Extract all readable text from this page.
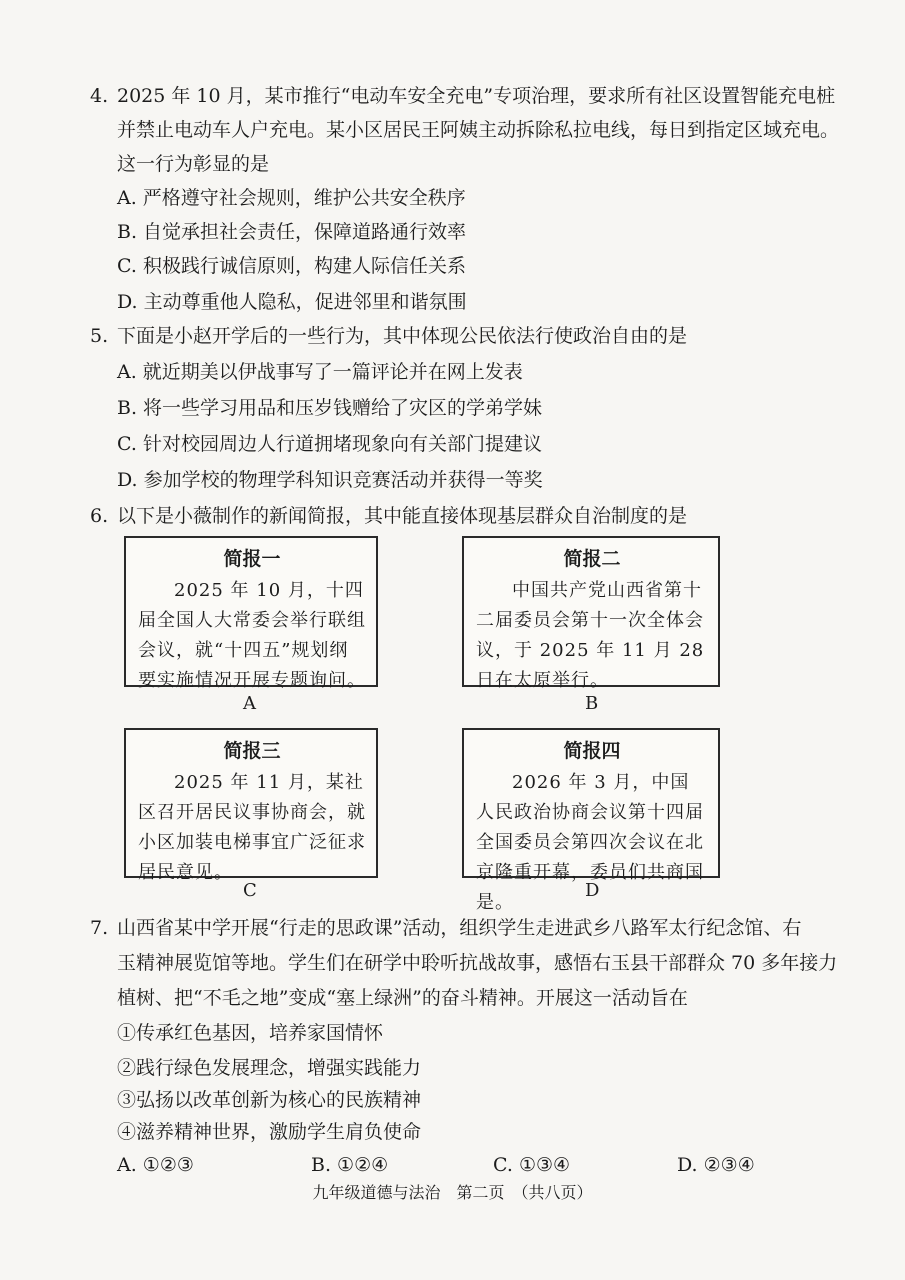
4. 2025 年 10 月，某市推行“电动车安全充电”专项治理，要求所有社区设置智能充电桩
并禁止电动车人户充电。某小区居民王阿姨主动拆除私拉电线，每日到指定区域充电。
这一行为彰显的是
A. 严格遵守社会规则，维护公共安全秩序
B. 自觉承担社会责任，保障道路通行效率
C. 积极践行诚信原则，构建人际信任关系
D. 主动尊重他人隐私，促进邻里和谐氛围
5. 下面是小赵开学后的一些行为，其中体现公民依法行使政治自由的是
A. 就近期美以伊战事写了一篇评论并在网上发表
B. 将一些学习用品和压岁钱赠给了灾区的学弟学妹
C. 针对校园周边人行道拥堵现象向有关部门提建议
D. 参加学校的物理学科知识竞赛活动并获得一等奖
6. 以下是小薇制作的新闻简报，其中能直接体现基层群众自治制度的是
简报一
2025 年 10 月，十四届全国人大常委会举行联组会议，就“十四五”规划纲要实施情况开展专题询问。
A
简报二
中国共产党山西省第十二届委员会第十一次全体会议，于 2025 年 11 月 28 日在太原举行。
B
简报三
2025 年 11 月，某社区召开居民议事协商会，就小区加装电梯事宜广泛征求居民意见。
C
简报四
2026 年 3 月，中国人民政治协商会议第十四届全国委员会第四次会议在北京隆重开幕，委员们共商国是。
D
7. 山西省某中学开展“行走的思政课”活动，组织学生走进武乡八路军太行纪念馆、右
玉精神展览馆等地。学生们在研学中聆听抗战故事，感悟右玉县干部群众 70 多年接力
植树、把“不毛之地”变成“塞上绿洲”的奋斗精神。开展这一活动旨在
①传承红色基因，培养家国情怀
②践行绿色发展理念，增强实践能力
③弘扬以改革创新为核心的民族精神
④滋养精神世界，激励学生肩负使命
A. ①②③	B. ①②④	C. ①③④	D. ②③④
九年级道德与法治　第二页　（共八页）
